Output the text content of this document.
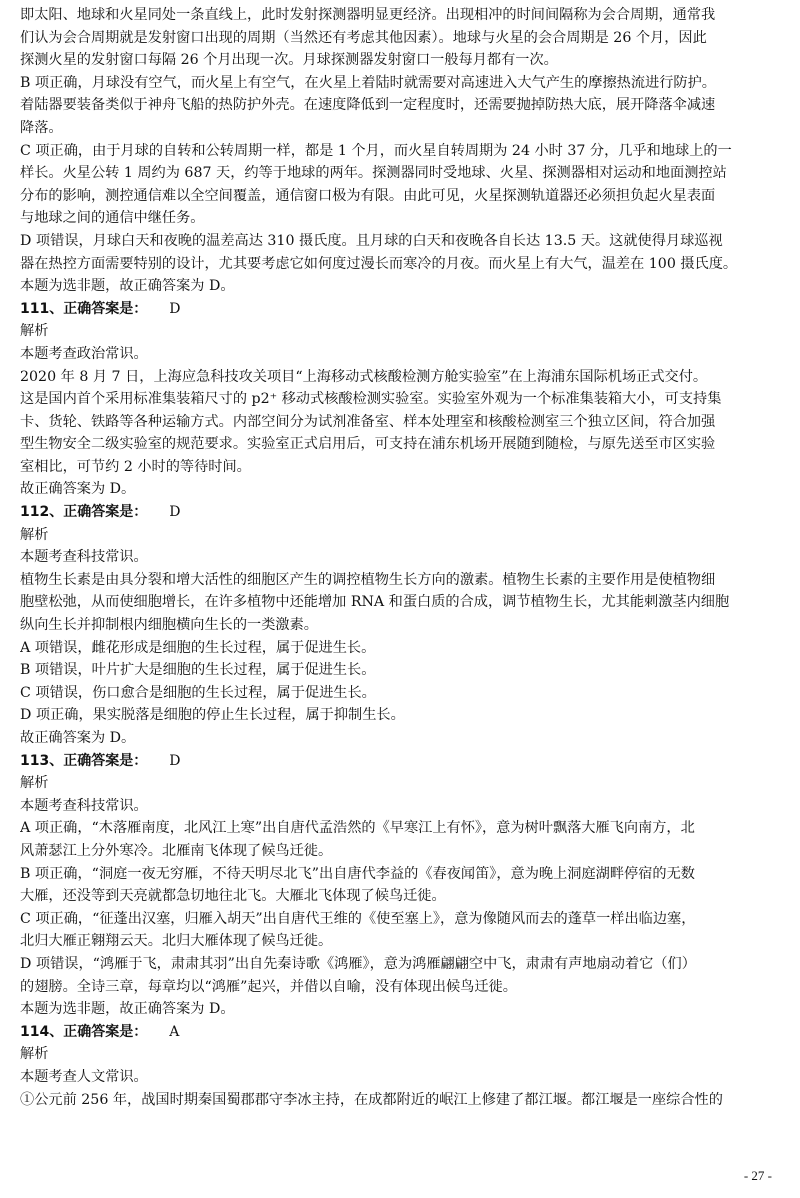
即太阳、地球和火星同处一条直线上，此时发射探测器明显更经济。出现相冲的时间间隔称为会合周期，通常我
们认为会合周期就是发射窗口出现的周期（当然还有考虑其他因素）。地球与火星的会合周期是 26 个月，因此
探测火星的发射窗口每隔 26 个月出现一次。月球探测器发射窗口一般每月都有一次。
B 项正确，月球没有空气，而火星上有空气，在火星上着陆时就需要对高速进入大气产生的摩擦热流进行防护。
着陆器要装备类似于神舟飞船的热防护外壳。在速度降低到一定程度时，还需要抛掉防热大底，展开降落伞减速
降落。
C 项正确，由于月球的自转和公转周期一样，都是 1 个月，而火星自转周期为 24 小时 37 分，几乎和地球上的一
样长。火星公转 1 周约为 687 天，约等于地球的两年。探测器同时受地球、火星、探测器相对运动和地面测控站
分布的影响，测控通信难以全空间覆盖，通信窗口极为有限。由此可见，火星探测轨道器还必须担负起火星表面
与地球之间的通信中继任务。
D 项错误，月球白天和夜晚的温差高达 310 摄氏度。且月球的白天和夜晚各自长达 13.5 天。这就使得月球巡视
器在热控方面需要特别的设计，尤其要考虑它如何度过漫长而寒冷的月夜。而火星上有大气，温差在 100 摄氏度。
本题为选非题，故正确答案为 D。
111、正确答案是： D
解析
本题考查政治常识。
2020 年 8 月 7 日，上海应急科技攻关项目“上海移动式核酸检测方舱实验室”在上海浦东国际机场正式交付。
这是国内首个采用标准集装箱尺寸的 p2⁺ 移动式核酸检测实验室。实验室外观为一个标准集装箱大小，可支持集
卡、货轮、铁路等各种运输方式。内部空间分为试剂准备室、样本处理室和核酸检测室三个独立区间，符合加强
型生物安全二级实验室的规范要求。实验室正式启用后，可支持在浦东机场开展随到随检，与原先送至市区实验
室相比，可节约 2 小时的等待时间。
故正确答案为 D。
112、正确答案是： D
解析
本题考查科技常识。
植物生长素是由具分裂和增大活性的细胞区产生的调控植物生长方向的激素。植物生长素的主要作用是使植物细
胞壁松弛，从而使细胞增长，在许多植物中还能增加 RNA 和蛋白质的合成，调节植物生长，尤其能刺激茎内细胞
纵向生长并抑制根内细胞横向生长的一类激素。
A 项错误，雌花形成是细胞的生长过程，属于促进生长。
B 项错误，叶片扩大是细胞的生长过程，属于促进生长。
C 项错误，伤口愈合是细胞的生长过程，属于促进生长。
D 项正确，果实脱落是细胞的停止生长过程，属于抑制生长。
故正确答案为 D。
113、正确答案是： D
解析
本题考查科技常识。
A 项正确，“木落雁南度，北风江上寒”出自唐代孟浩然的《早寒江上有怀》，意为树叶飘落大雁飞向南方，北
风萧瑟江上分外寒冷。北雁南飞体现了候鸟迁徙。
B 项正确，“洞庭一夜无穷雁，不待天明尽北飞”出自唐代李益的《春夜闻笛》，意为晚上洞庭湖畔停宿的无数
大雁，还没等到天亮就都急切地往北飞。大雁北飞体现了候鸟迁徙。
C 项正确，“征蓬出汉塞，归雁入胡天”出自唐代王维的《使至塞上》，意为像随风而去的蓬草一样出临边塞，
北归大雁正翱翔云天。北归大雁体现了候鸟迁徙。
D 项错误，“鸿雁于飞，肃肃其羽”出自先秦诗歌《鸿雁》，意为鸿雁翩翩空中飞，肃肃有声地扇动着它（们）
的翅膀。全诗三章，每章均以“鸿雁”起兴，并借以自喻，没有体现出候鸟迁徙。
本题为选非题，故正确答案为 D。
114、正确答案是： A
解析
本题考查人文常识。
①公元前 256 年，战国时期秦国蜀郡郡守李冰主持，在成都附近的岷江上修建了都江堰。都江堰是一座综合性的
- 27 -
